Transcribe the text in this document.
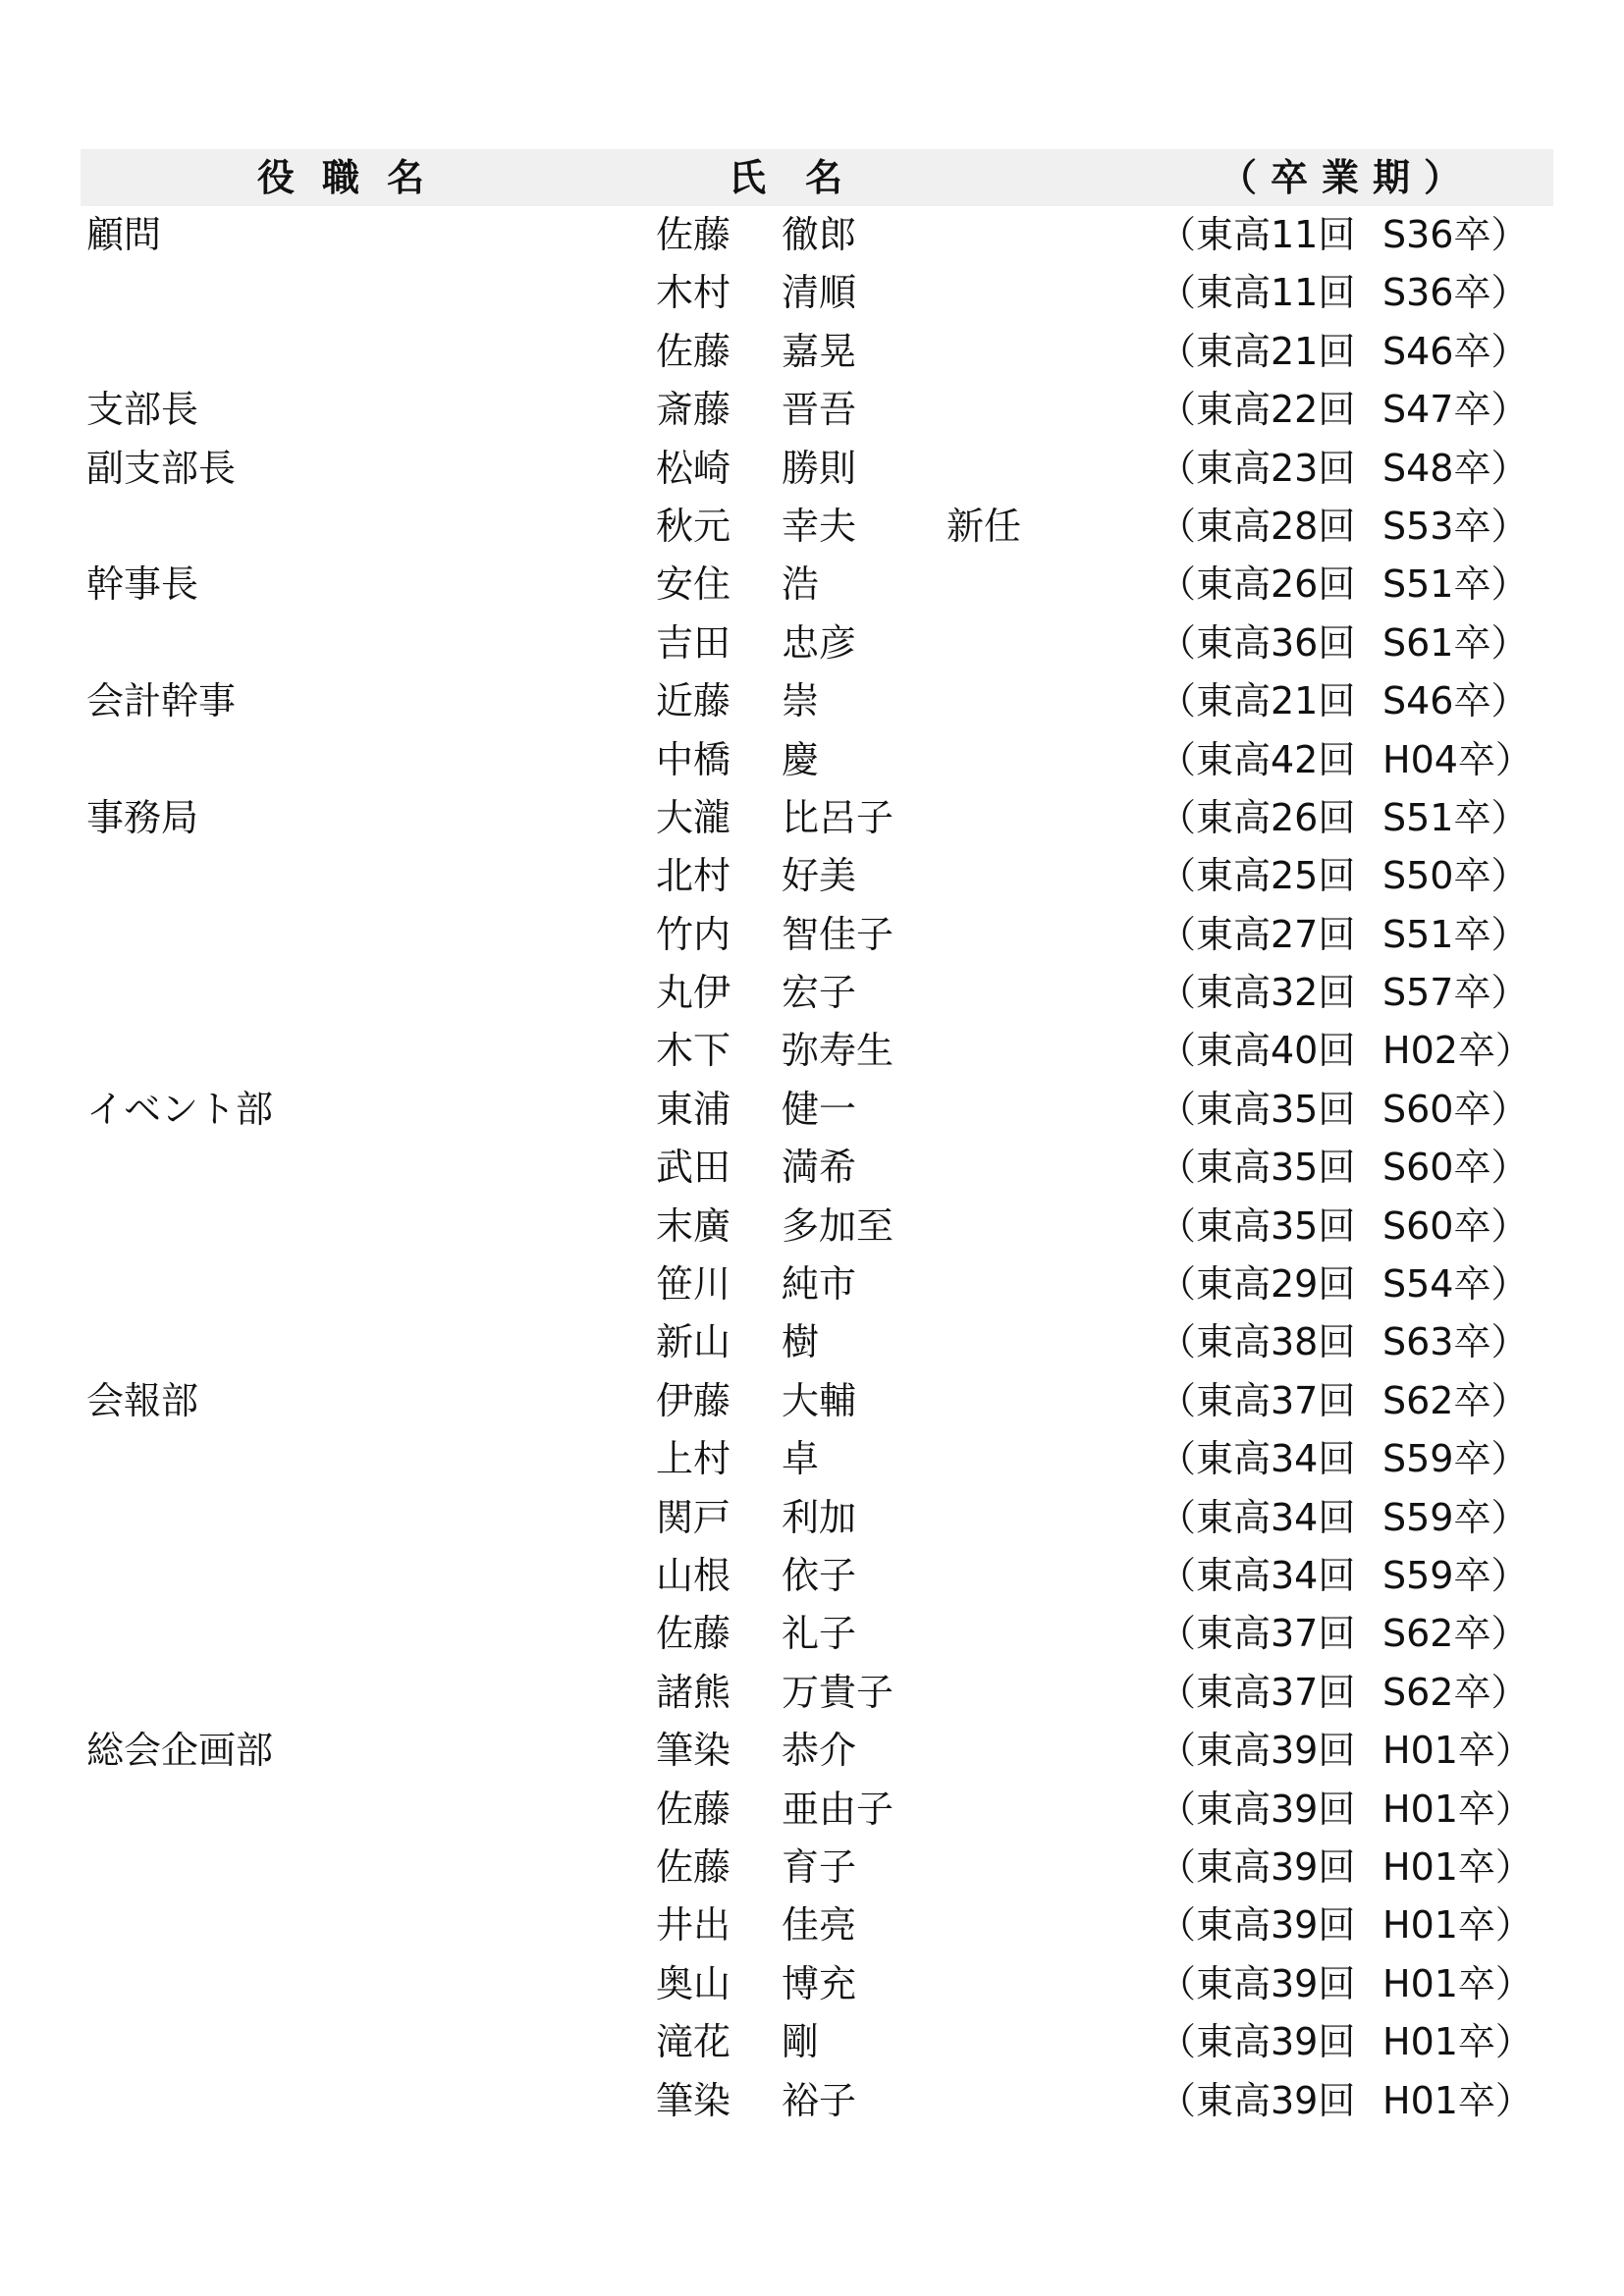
役職名	氏名	（卒業期）
顧問	佐藤 徹郎	（東高11回 S36卒）
木村 清順	（東高11回 S36卒）
佐藤 嘉晃	（東高21回 S46卒）
支部長	斎藤 晋吾	（東高22回 S47卒）
副支部長	松崎 勝則	（東高23回 S48卒）
秋元 幸夫 新任	（東高28回 S53卒）
幹事長	安住 浩	（東高26回 S51卒）
吉田 忠彦	（東高36回 S61卒）
会計幹事	近藤 崇	（東高21回 S46卒）
中橋 慶	（東高42回 H04卒）
事務局	大瀧 比呂子	（東高26回 S51卒）
北村 好美	（東高25回 S50卒）
竹内 智佳子	（東高27回 S51卒）
丸伊 宏子	（東高32回 S57卒）
木下 弥寿生	（東高40回 H02卒）
イベント部	東浦 健一	（東高35回 S60卒）
武田 満希	（東高35回 S60卒）
末廣 多加至	（東高35回 S60卒）
笹川 純市	（東高29回 S54卒）
新山 樹	（東高38回 S63卒）
会報部	伊藤 大輔	（東高37回 S62卒）
上村 卓	（東高34回 S59卒）
関戸 利加	（東高34回 S59卒）
山根 依子	（東高34回 S59卒）
佐藤 礼子	（東高37回 S62卒）
諸熊 万貴子	（東高37回 S62卒）
総会企画部	筆染 恭介	（東高39回 H01卒）
佐藤 亜由子	（東高39回 H01卒）
佐藤 育子	（東高39回 H01卒）
井出 佳亮	（東高39回 H01卒）
奥山 博充	（東高39回 H01卒）
滝花 剛	（東高39回 H01卒）
筆染 裕子	（東高39回 H01卒）
